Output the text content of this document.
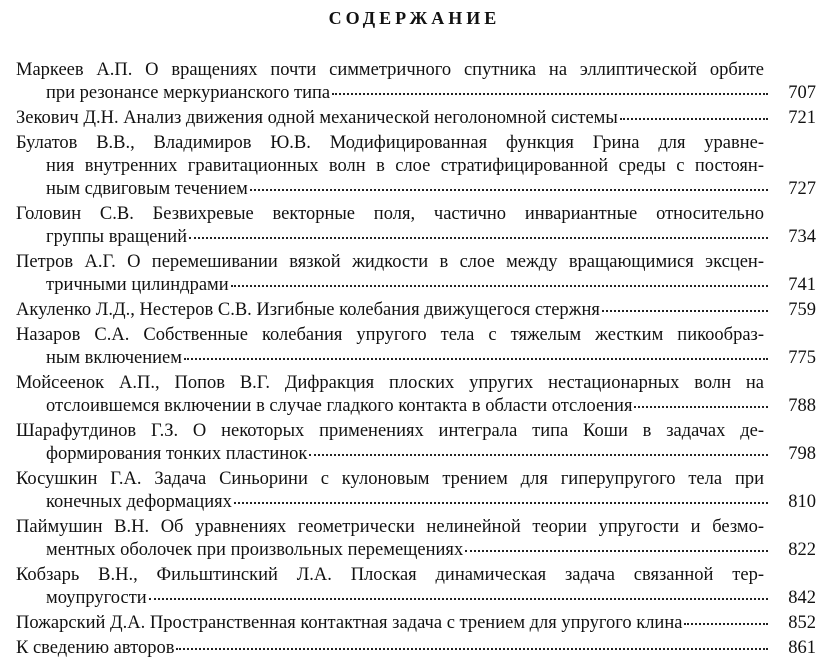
СОДЕРЖАНИЕ
Маркеев А.П. О вращениях почти симметричного спутника на эллиптической орбите
при резонансе меркурианского типа	707
Зекович Д.Н. Анализ движения одной механической неголономной системы	721
Булатов В.В., Владимиров Ю.В. Модифицированная функция Грина для уравне-
ния внутренних гравитационных волн в слое стратифицированной среды с постоян-
ным сдвиговым течением	727
Головин С.В. Безвихревые векторные поля, частично инвариантные относительно
группы вращений	734
Петров А.Г. О перемешивании вязкой жидкости в слое между вращающимися эксцен-
тричными цилиндрами	741
Акуленко Л.Д., Нестеров С.В. Изгибные колебания движущегося стержня	759
Назаров С.А. Собственные колебания упругого тела с тяжелым жестким пикообраз-
ным включением	775
Мойсеенок А.П., Попов В.Г. Дифракция плоских упругих нестационарных волн на
отслоившемся включении в случае гладкого контакта в области отслоения	788
Шарафутдинов Г.З. О некоторых применениях интеграла типа Коши в задачах де-
формирования тонких пластинок	798
Косушкин Г.А. Задача Синьорини с кулоновым трением для гиперупругого тела при
конечных деформациях	810
Паймушин В.Н. Об уравнениях геометрически нелинейной теории упругости и безмо-
ментных оболочек при произвольных перемещениях	822
Кобзарь В.Н., Фильштинский Л.А. Плоская динамическая задача связанной тер-
моупругости	842
Пожарский Д.А. Пространственная контактная задача с трением для упругого клина	852
К сведению авторов	861
